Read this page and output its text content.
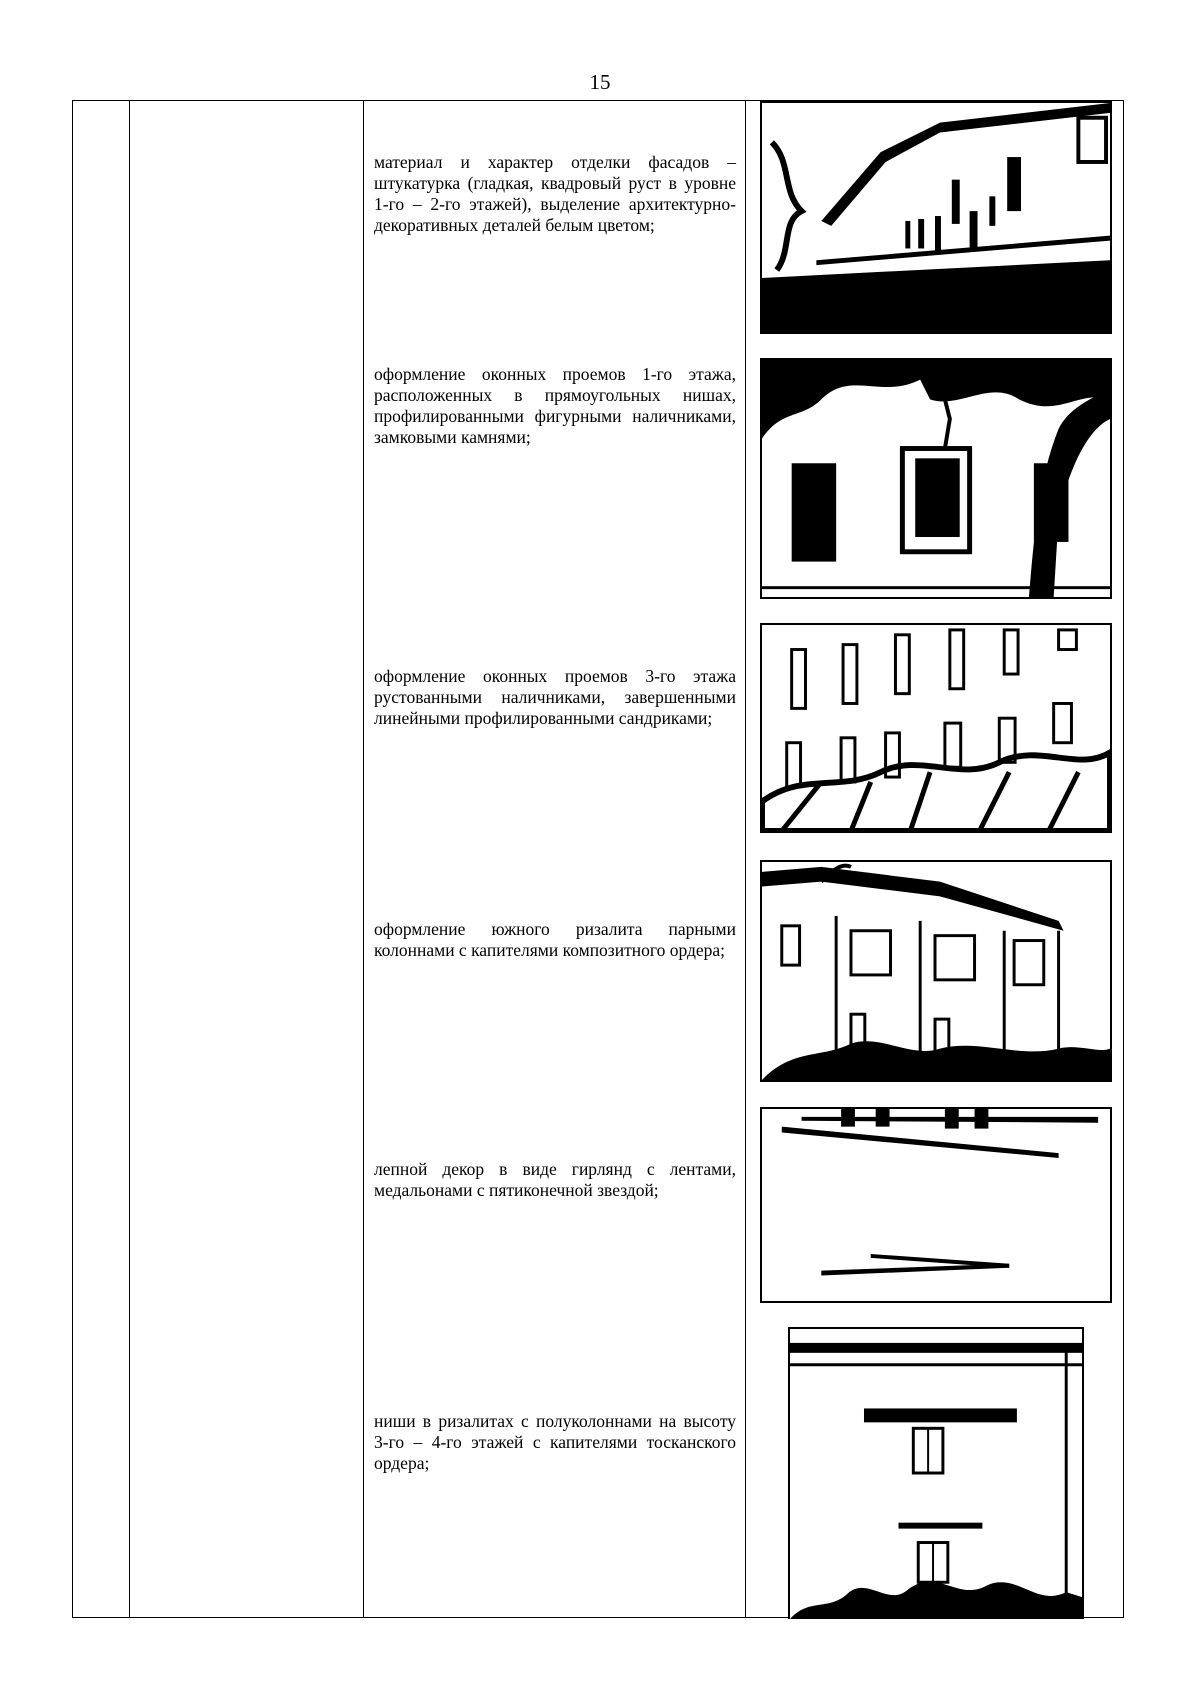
15
материал и характер отделки фасадов – штукатурка (гладкая, квадровый руст в уровне 1-го – 2-го этажей), выделение архитектурно-декоративных деталей белым цветом;
оформление оконных проемов 1-го этажа, расположенных в прямоугольных нишах, профилированными фигурными наличниками, замковыми камнями;
оформление оконных проемов 3-го этажа рустованными наличниками, завершенными линейными профилированными сандриками;
оформление южного ризалита парными колоннами с капителями композитного ордера;
лепной декор в виде гирлянд с лентами, медальонами с пятиконечной звездой;
ниши в ризалитах с полуколоннами на высоту 3-го – 4-го этажей с капителями тосканского ордера;
